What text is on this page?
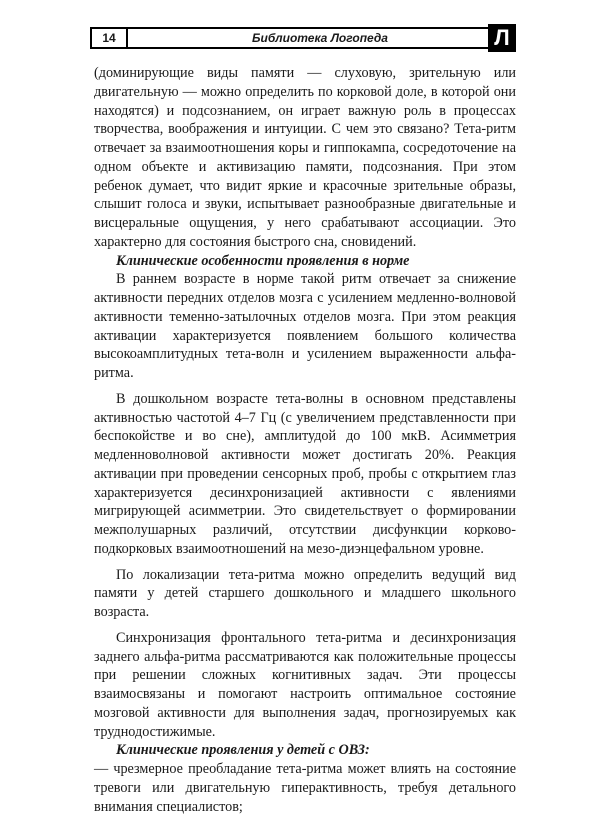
14	Библиотека Логопеда	Л

(доминирующие виды памяти — слуховую, зрительную или двигательную — можно определить по корковой доле, в которой они находятся) и подсознанием, он играет важную роль в процессах творчества, воображения и интуиции. С чем это связано? Тета-ритм отвечает за взаимоотношения коры и гиппокампа, сосредоточение на одном объекте и активизацию памяти, подсознания. При этом ребенок думает, что видит яркие и красочные зрительные образы, слышит голоса и звуки, испытывает разнообразные двигательные и висцеральные ощущения, у него срабатывают ассоциации. Это характерно для состояния быстрого сна, сновидений.

Клинические особенности проявления в норме

В раннем возрасте в норме такой ритм отвечает за снижение активности передних отделов мозга с усилением медленно-волновой активности теменно-затылочных отделов мозга. При этом реакция активации характеризуется появлением большого количества высокоамплитудных тета-волн и усилением выраженности альфа-ритма.

В дошкольном возрасте тета-волны в основном представлены активностью частотой 4–7 Гц (с увеличением представленности при беспокойстве и во сне), амплитудой до 100 мкВ. Асимметрия медленноволновой активности может достигать 20%. Реакция активации при проведении сенсорных проб, пробы с открытием глаз характеризуется десинхронизацией активности с явлениями мигрирующей асимметрии. Это свидетельствует о формировании межполушарных различий, отсутствии дисфункции корково-подкорковых взаимоотношений на мезо-диэнцефальном уровне.

По локализации тета-ритма можно определить ведущий вид памяти у детей старшего дошкольного и младшего школьного возраста.

Синхронизация фронтального тета-ритма и десинхронизация заднего альфа-ритма рассматриваются как положительные процессы при решении сложных когнитивных задач. Эти процессы взаимосвязаны и помогают настроить оптимальное состояние мозговой активности для выполнения задач, прогнозируемых как труднодостижимые.

Клинические проявления у детей с ОВЗ:

— чрезмерное преобладание тета-ритма может влиять на состояние тревоги или двигательную гиперактивность, требуя детального внимания специалистов;
